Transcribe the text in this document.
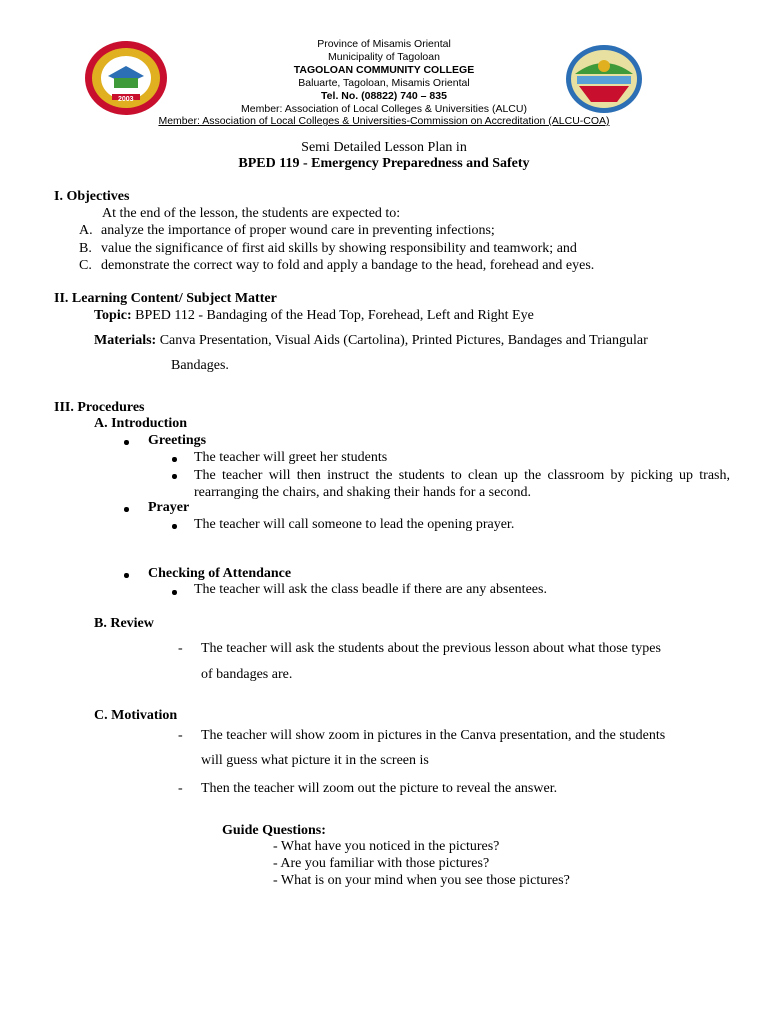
2003
Province of Misamis Oriental
Municipality of Tagoloan
TAGOLOAN COMMUNITY COLLEGE
Baluarte, Tagoloan, Misamis Oriental
Tel. No. (08822) 740 – 835
Member: Association of Local Colleges & Universities (ALCU)
Member: Association of Local Colleges & Universities-Commission on Accreditation (ALCU-COA)
Semi Detailed Lesson Plan in
BPED 119 - Emergency Preparedness and Safety
I. Objectives
At the end of the lesson, the students are expected to:
A. analyze the importance of proper wound care in preventing infections;
B. value the significance of first aid skills by showing responsibility and teamwork; and
C. demonstrate the correct way to fold and apply a bandage to the head, forehead and eyes.
II. Learning Content/ Subject Matter
Topic: BPED 112 - Bandaging of the Head Top, Forehead, Left and Right Eye
Materials: Canva Presentation, Visual Aids (Cartolina), Printed Pictures, Bandages and Triangular
Bandages.
III. Procedures
A. Introduction
Greetings
The teacher will greet her students
The teacher will then instruct the students to clean up the classroom by picking up trash, rearranging the chairs, and shaking their hands for a second.
Prayer
The teacher will call someone to lead the opening prayer.
Checking of Attendance
The teacher will ask the class beadle if there are any absentees.
B. Review
- The teacher will ask the students about the previous lesson about what those types
of bandages are.
C. Motivation
- The teacher will show zoom in pictures in the Canva presentation, and the students
will guess what picture it in the screen is
- Then the teacher will zoom out the picture to reveal the answer.
Guide Questions:
- What have you noticed in the pictures?
- Are you familiar with those pictures?
- What is on your mind when you see those pictures?
